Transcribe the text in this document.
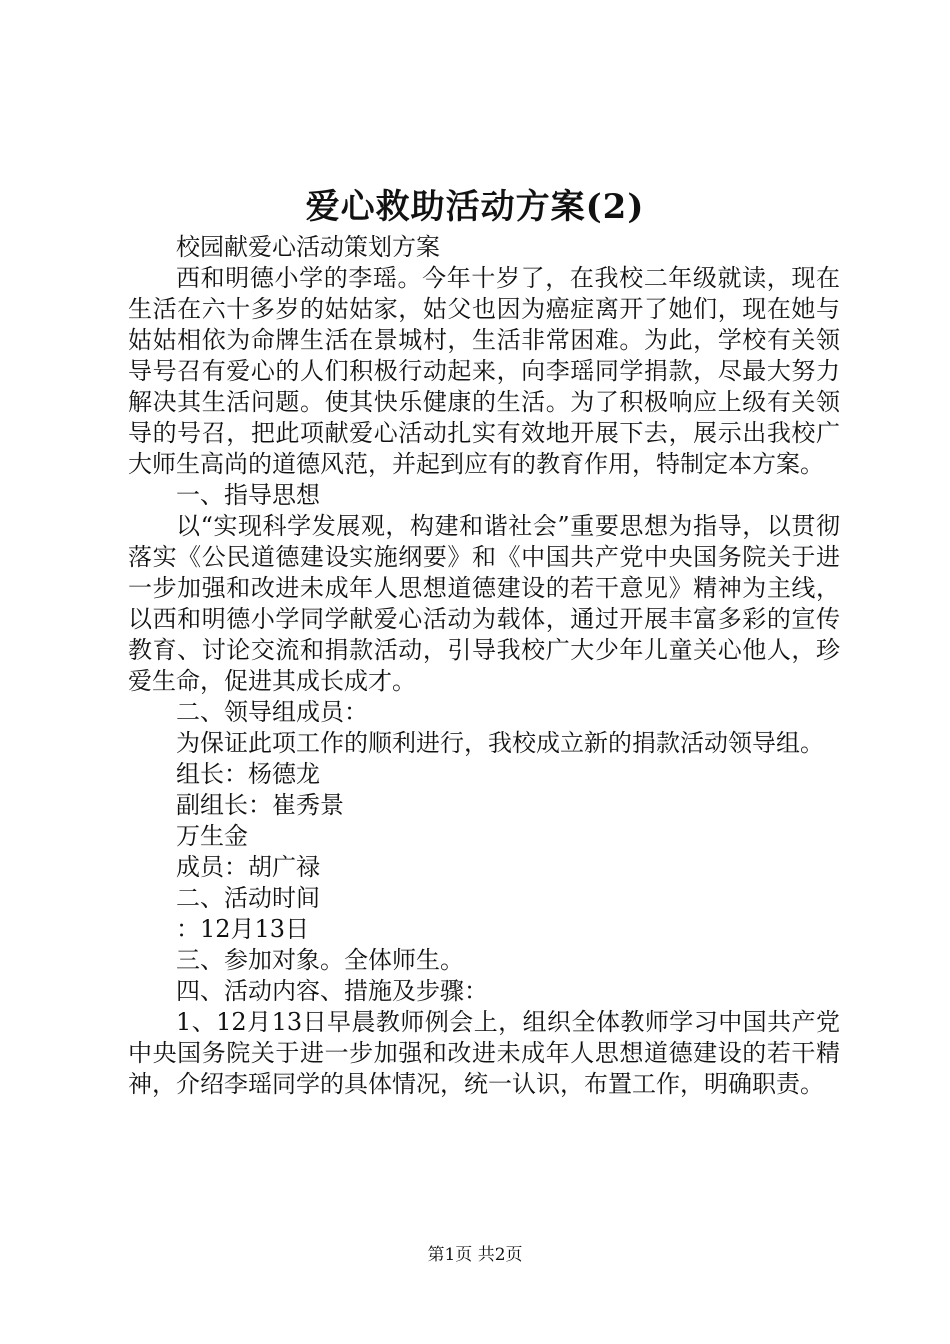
爱心救助活动方案(2)

校园献爱心活动策划方案

西和明德小学的李瑶。今年十岁了，在我校二年级就读，现在生活在六十多岁的姑姑家，姑父也因为癌症离开了她们，现在她与姑姑相依为命牌生活在景城村，生活非常困难。为此，学校有关领导号召有爱心的人们积极行动起来，向李瑶同学捐款，尽最大努力解决其生活问题。使其快乐健康的生活。为了积极响应上级有关领导的号召，把此项献爱心活动扎实有效地开展下去，展示出我校广大师生高尚的道德风范，并起到应有的教育作用，特制定本方案。

一、指导思想

以“实现科学发展观，构建和谐社会”重要思想为指导，以贯彻落实《公民道德建设实施纲要》和《中国共产党中央国务院关于进一步加强和改进未成年人思想道德建设的若干意见》精神为主线，以西和明德小学同学献爱心活动为载体，通过开展丰富多彩的宣传教育、讨论交流和捐款活动，引导我校广大少年儿童关心他人，珍爱生命，促进其成长成才。

二、领导组成员：

为保证此项工作的顺利进行，我校成立新的捐款活动领导组。

组长：杨德龙

副组长：崔秀景

万生金

成员：胡广禄

二、活动时间

：12月13日

三、参加对象。全体师生。

四、活动内容、措施及步骤：

1、12月13日早晨教师例会上，组织全体教师学习中国共产党中央国务院关于进一步加强和改进未成年人思想道德建设的若干精神，介绍李瑶同学的具体情况，统一认识，布置工作，明确职责。

第1页 共2页
